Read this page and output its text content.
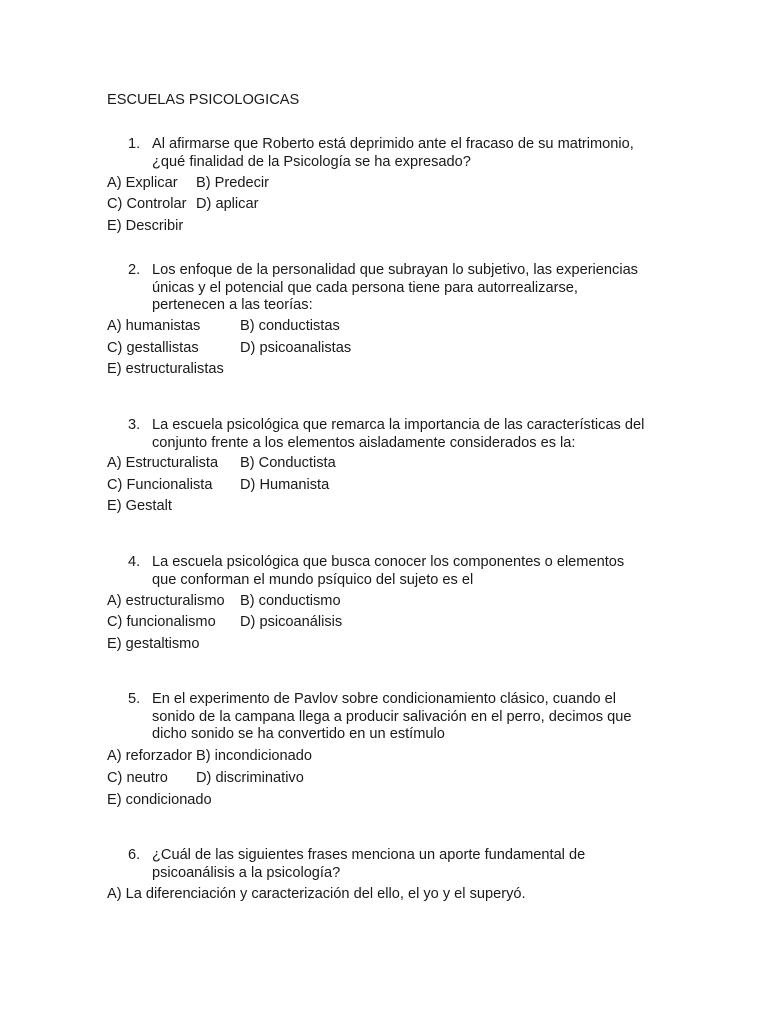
ESCUELAS PSICOLOGICAS
1. Al afirmarse que Roberto está deprimido ante el fracaso de su matrimonio,
¿qué finalidad de la Psicología se ha expresado?
A) Explicar B) Predecir
C) Controlar D) aplicar
E) Describir
2. Los enfoque de la personalidad que subrayan lo subjetivo, las experiencias
únicas y el potencial que cada persona tiene para autorrealizarse,
pertenecen a las teorías:
A) humanistas	B) conductistas
C) gestallistas	D) psicoanalistas
E) estructuralistas
3. La escuela psicológica que remarca la importancia de las características del
conjunto frente a los elementos aisladamente considerados es la:
A) Estructuralista B) Conductista
C) Funcionalista D) Humanista
E) Gestalt
4. La escuela psicológica que busca conocer los componentes o elementos
que conforman el mundo psíquico del sujeto es el
A) estructuralismo B) conductismo
C) funcionalismo D) psicoanálisis
E) gestaltismo
5. En el experimento de Pavlov sobre condicionamiento clásico, cuando el
sonido de la campana llega a producir salivación en el perro, decimos que
dicho sonido se ha convertido en un estímulo
A) reforzador B) incondicionado
C) neutro D) discriminativo
E) condicionado
6. ¿Cuál de las siguientes frases menciona un aporte fundamental de
psicoanálisis a la psicología?
A) La diferenciación y caracterización del ello, el yo y el superyó.
